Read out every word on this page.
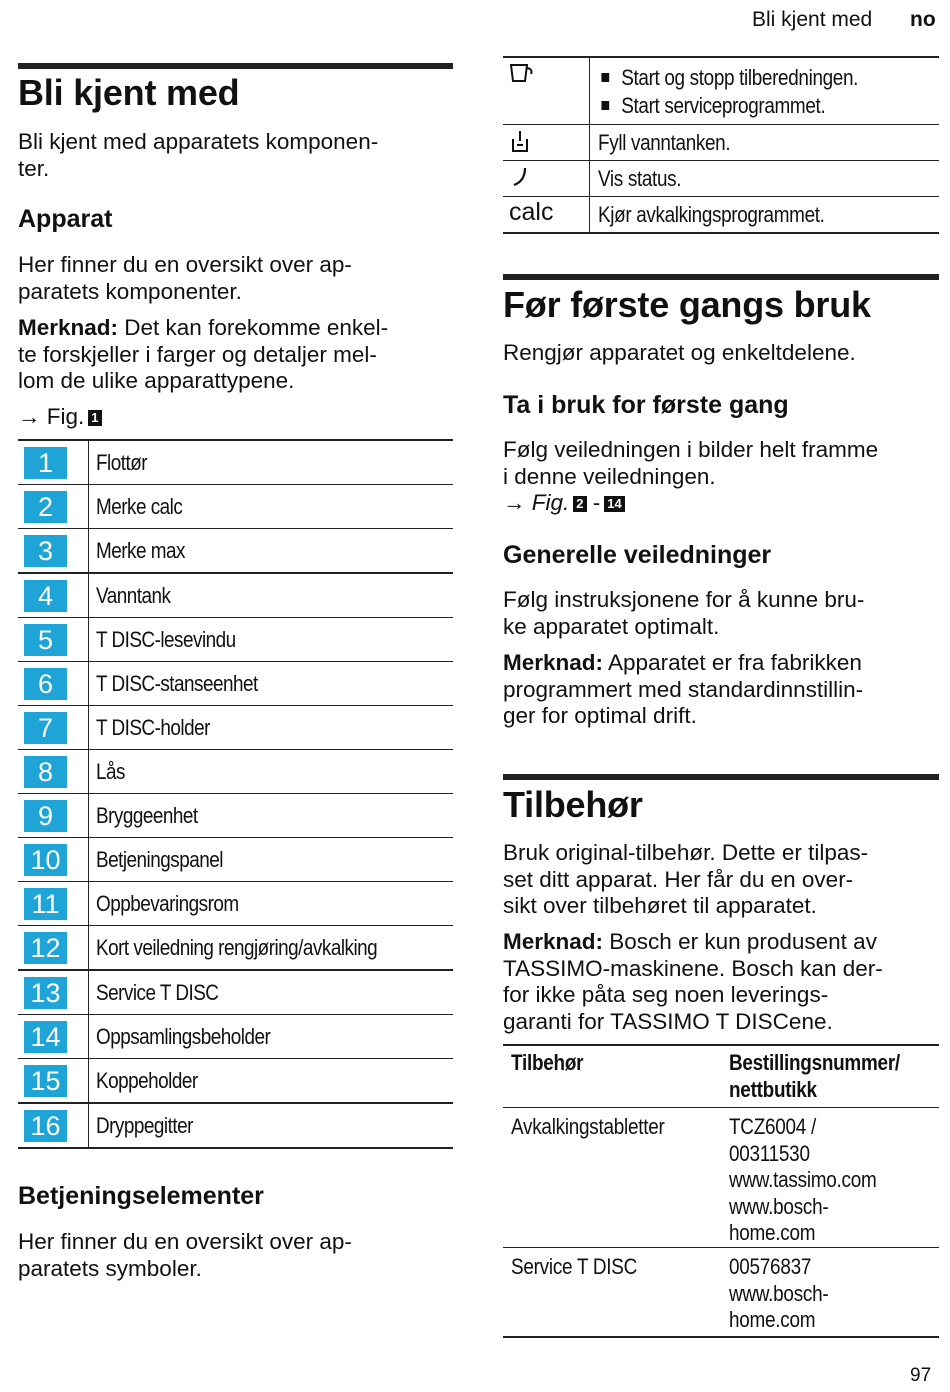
Bli kjent med no
Bli kjent med

Bli kjent med apparatets komponen-
ter.

Apparat

Her finner du en oversikt over ap-
paratets komponenter.

Merknad: Det kan forekomme enkel-
te forskjeller i farger og detaljer mel-
lom de ulike apparattypene.

→ Fig. 1

1	Flottør
2	Merke calc
3	Merke max
4	Vanntank
5	T DISC-lesevindu
6	T DISC-stanseenhet
7	T DISC-holder
8	Lås
9	Bryggeenhet
10 Betjeningspanel
11	Oppbevaringsrom
12 Kort veiledning rengjøring/avkalking
13 Service T DISC
14 Oppsamlingsbeholder
15 Koppeholder
16 Dryppegitter
Betjeningselementer

Her finner du en oversikt over ap-
paratets symboler.

Start og stopp tilberedningen.
Start serviceprogrammet.
Fyll vanntanken.
Vis status.
calc Kjør avkalkingsprogrammet.
Før første gangs bruk

Rengjør apparatet og enkeltdelene.

Ta i bruk for første gang

Følg veiledningen i bilder helt framme
i denne veiledningen.
→ Fig. 2 - 14

Generelle veiledninger

Følg instruksjonene for å kunne bru-
ke apparatet optimalt.

Merknad: Apparatet er fra fabrikken
programmert med standardinnstillin-
ger for optimal drift.

Tilbehør

Bruk original-tilbehør. Dette er tilpas-
set ditt apparat. Her får du en over-
sikt over tilbehøret til apparatet.

Merknad: Bosch er kun produsent av
TASSIMO-maskinene. Bosch kan der-
for ikke påta seg noen leverings-
garanti for TASSIMO T DISCene.

Tilbehør	Bestillingsnummer/
nettbutikk
Avkalkingstabletter	TCZ6004 /
00311530
www.tassimo.com
www.bosch-
home.com
Service T DISC	00576837
www.bosch-
home.com
97
